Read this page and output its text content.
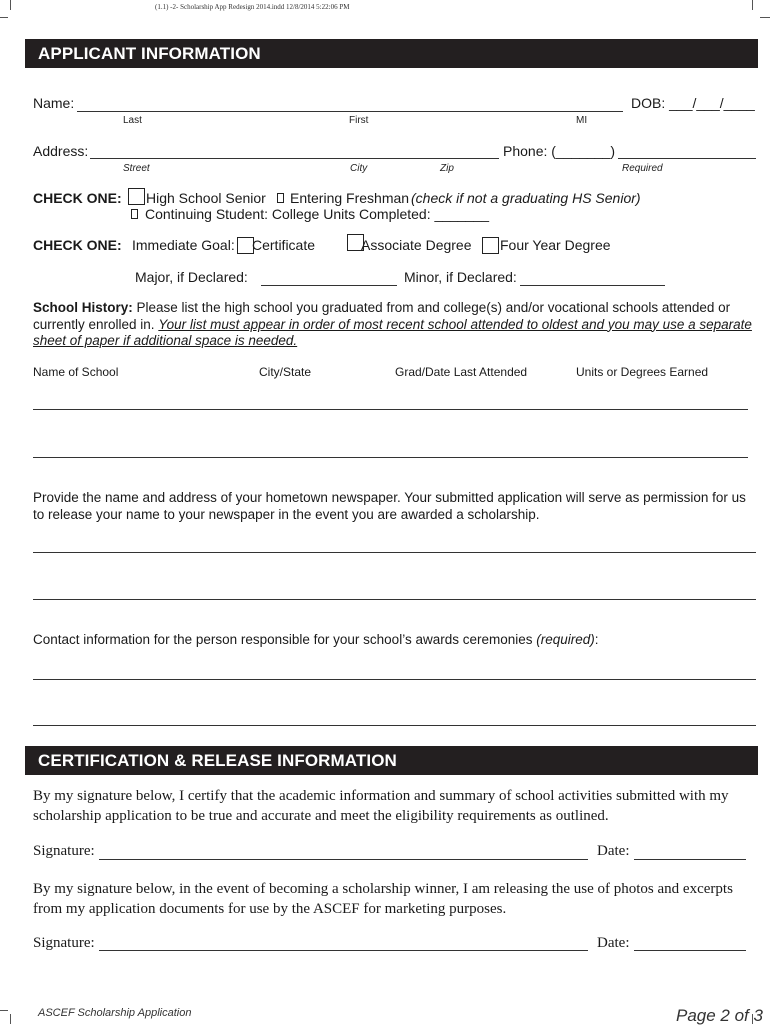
(1.1) -2- Scholarship App Redesign 2014.indd 12/8/2014 5:22:06 PM
APPLICANT INFORMATION
Name:	DOB: ___/___/____
Last	First	MI
Address:	Phone: (_______)
Street	City	Zip	Required
CHECK ONE: High School Senior Entering Freshman (check if not a graduating HS Senior)
Continuing Student: College Units Completed: _______
CHECK ONE: Immediate Goal: Certificate	Associate Degree Four Year Degree
Major, if Declared:	Minor, if Declared:
School History: Please list the high school you graduated from and college(s) and/or vocational schools attended or currently enrolled in. Your list must appear in order of most recent school attended to oldest and you may use a separate sheet of paper if additional space is needed.
Name of School	City/State	Grad/Date Last Attended	Units or Degrees Earned
Provide the name and address of your hometown newspaper. Your submitted application will serve as permission for us to release your name to your newspaper in the event you are awarded a scholarship.
Contact information for the person responsible for your school’s awards ceremonies (required):
CERTIFICATION & RELEASE INFORMATION
By my signature below, I certify that the academic information and summary of school activities submitted with my scholarship application to be true and accurate and meet the eligibility requirements as outlined.
Signature:	Date:
By my signature below, in the event of becoming a scholarship winner, I am releasing the use of photos and excerpts from my application documents for use by the ASCEF for marketing purposes.
Signature:	Date:
ASCEF Scholarship Application	Page 2 of 3
